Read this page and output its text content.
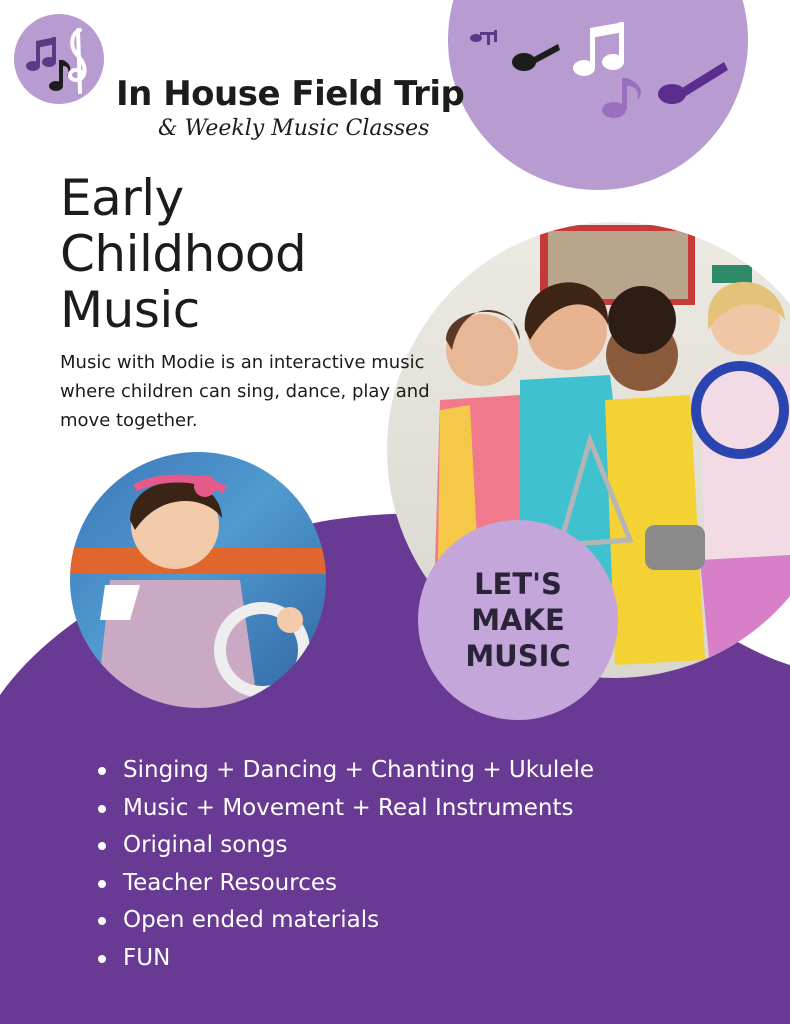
In House Field Trip
& Weekly Music Classes
Early
Childhood
Music

Music with Modie is an interactive music where children can sing, dance, play and move together.

LET'S
MAKE
MUSIC
Singing + Dancing + Chanting + Ukulele
Music + Movement + Real Instruments
Original songs
Teacher Resources
Open ended materials
FUN
